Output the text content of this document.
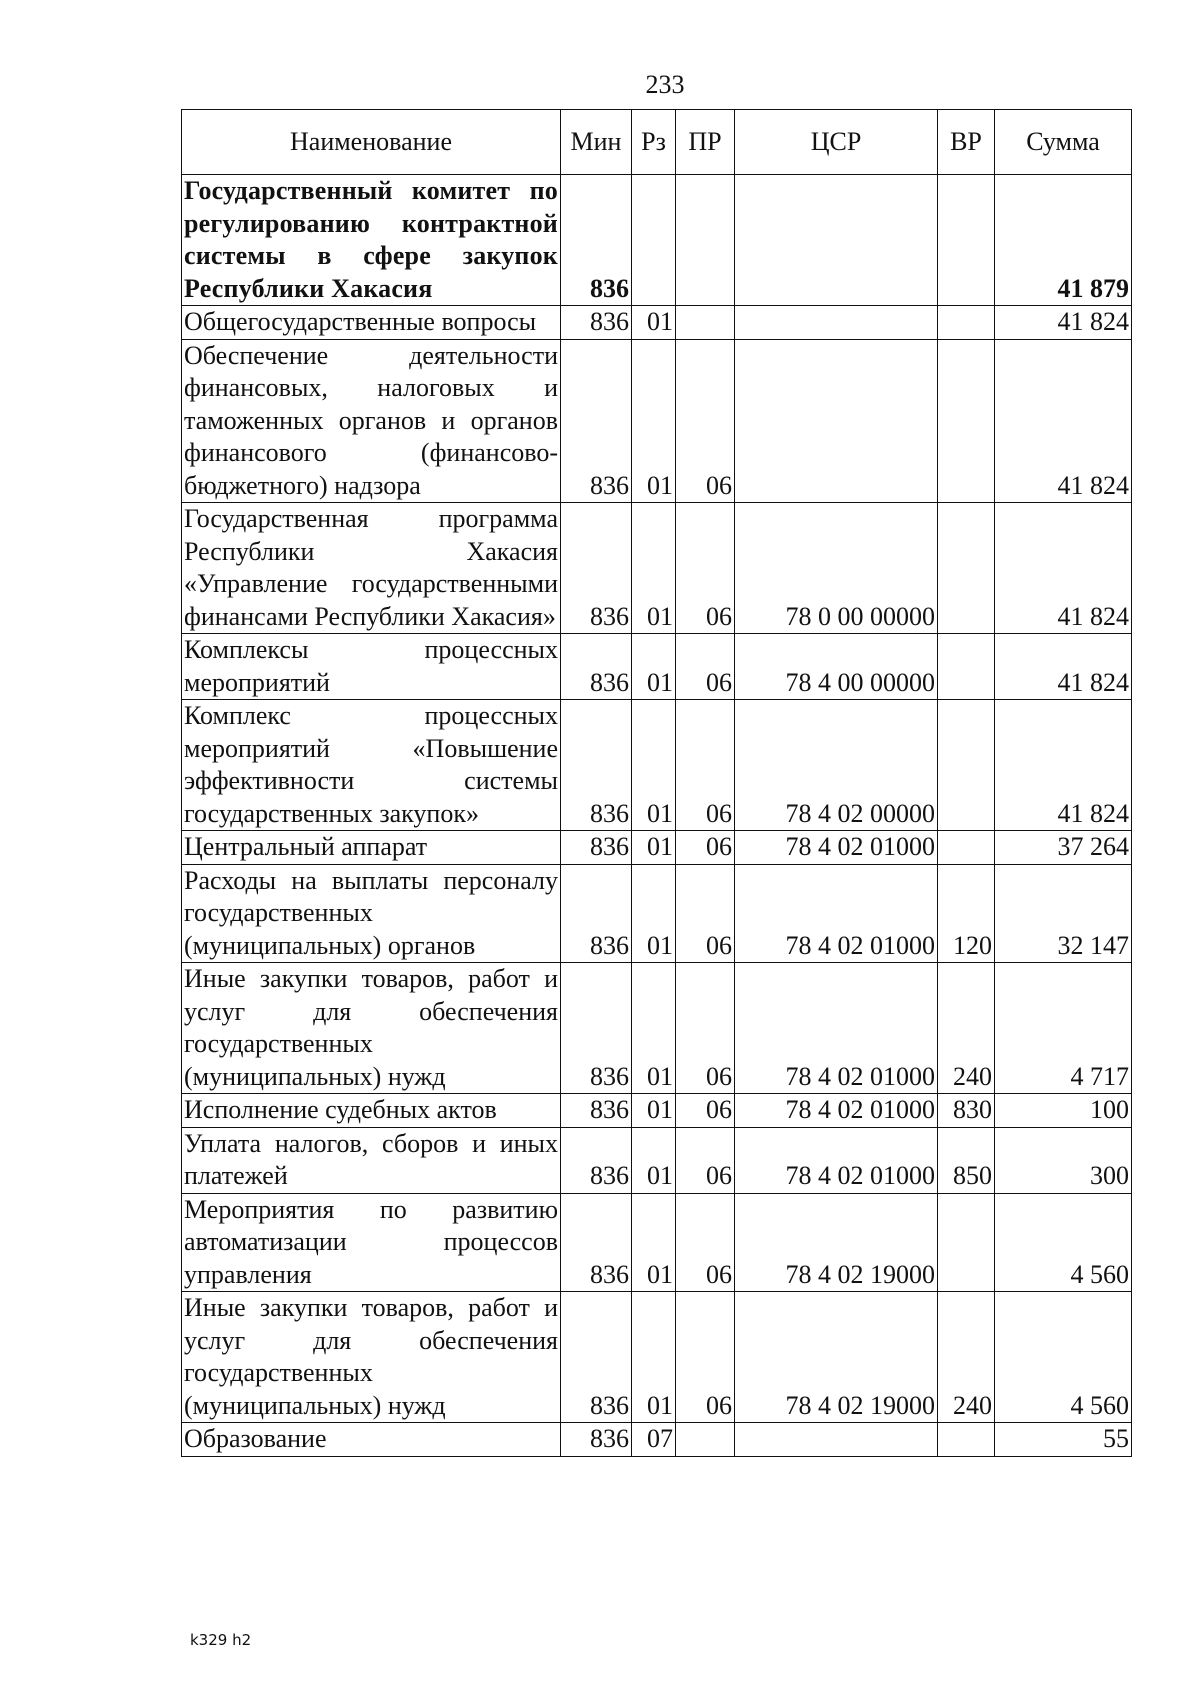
233
Наименование	Мин	Рз	ПР	ЦСР	ВР	Сумма
Государственный комитет по регулированию контрактной системы в сфере закупок Республики Хакасия	836					41 879
Общегосударственные вопросы	836	01				41 824
Обеспечение деятельности финансовых, налоговых и таможенных органов и органов финансового (финансово-бюджетного) надзора	836	01	06			41 824
Государственная программа Республики Хакасия «Управление государственными финансами Республики Хакасия»	836	01	06	78 0 00 00000		41 824
Комплексы процессных мероприятий	836	01	06	78 4 00 00000		41 824
Комплекс процессных мероприятий «Повышение эффективности системы государственных закупок»	836	01	06	78 4 02 00000		41 824
Центральный аппарат	836	01	06	78 4 02 01000		37 264
Расходы на выплаты персоналу государственных (муниципальных) органов	836	01	06	78 4 02 01000	120	32 147
Иные закупки товаров, работ и услуг для обеспечения государственных (муниципальных) нужд	836	01	06	78 4 02 01000	240	4 717
Исполнение судебных актов	836	01	06	78 4 02 01000	830	100
Уплата налогов, сборов и иных платежей	836	01	06	78 4 02 01000	850	300
Мероприятия по развитию автоматизации процессов управления	836	01	06	78 4 02 19000		4 560
Иные закупки товаров, работ и услуг для обеспечения государственных (муниципальных) нужд	836	01	06	78 4 02 19000	240	4 560
Образование	836	07				55
k329 h2
